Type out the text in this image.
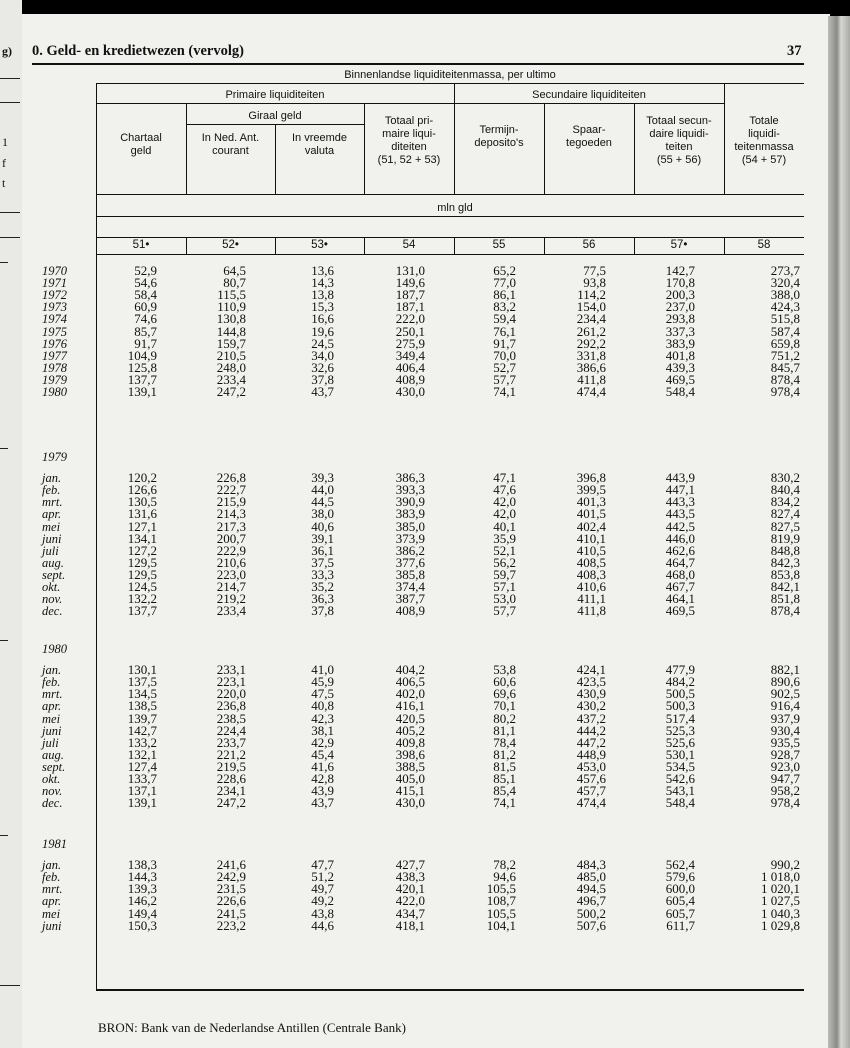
g)
1
f
t
0. Geld- en kredietwezen (vervolg)	37
Binnenlandse liquiditeitenmassa, per ultimo
Primaire liquiditeiten	Secundaire liquiditeiten
Giraal geld
mln gld
Chartaal
geld
In Ned. Ant.
courant
In vreemde
valuta
Totaal pri-
maire liqui-
diteiten
(51, 52 + 53)
Termijn-
deposito's
Spaar-
tegoeden
Totaal secun-
daire liquidi-
teiten
(55 + 56)
Totale
liquidi-
teitenmassa
(54 + 57)
51•	52•	53•	54	55	56	57•	58
1970	52,9	64,5	13,6	131,0	65,2	77,5	142,7	273,7
1971	54,6	80,7	14,3	149,6	77,0	93,8	170,8	320,4
1972	58,4	115,5	13,8	187,7	86,1	114,2	200,3	388,0
1973	60,9	110,9	15,3	187,1	83,2	154,0	237,0	424,3
1974	74,6	130,8	16,6	222,0	59,4	234,4	293,8	515,8
1975	85,7	144,8	19,6	250,1	76,1	261,2	337,3	587,4
1976	91,7	159,7	24,5	275,9	91,7	292,2	383,9	659,8
1977	104,9	210,5	34,0	349,4	70,0	331,8	401,8	751,2
1978	125,8	248,0	32,6	406,4	52,7	386,6	439,3	845,7
1979	137,7	233,4	37,8	408,9	57,7	411,8	469,5	878,4
1980	139,1	247,2	43,7	430,0	74,1	474,4	548,4	978,4
1979
jan.	120,2	226,8	39,3	386,3	47,1	396,8	443,9	830,2
feb.	126,6	222,7	44,0	393,3	47,6	399,5	447,1	840,4
mrt.	130,5	215,9	44,5	390,9	42,0	401,3	443,3	834,2
apr.	131,6	214,3	38,0	383,9	42,0	401,5	443,5	827,4
mei	127,1	217,3	40,6	385,0	40,1	402,4	442,5	827,5
juni	134,1	200,7	39,1	373,9	35,9	410,1	446,0	819,9
juli	127,2	222,9	36,1	386,2	52,1	410,5	462,6	848,8
aug.	129,5	210,6	37,5	377,6	56,2	408,5	464,7	842,3
sept.	129,5	223,0	33,3	385,8	59,7	408,3	468,0	853,8
okt.	124,5	214,7	35,2	374,4	57,1	410,6	467,7	842,1
nov.	132,2	219,2	36,3	387,7	53,0	411,1	464,1	851,8
dec.	137,7	233,4	37,8	408,9	57,7	411,8	469,5	878,4
1980
jan.	130,1	233,1	41,0	404,2	53,8	424,1	477,9	882,1
feb.	137,5	223,1	45,9	406,5	60,6	423,5	484,2	890,6
mrt.	134,5	220,0	47,5	402,0	69,6	430,9	500,5	902,5
apr.	138,5	236,8	40,8	416,1	70,1	430,2	500,3	916,4
mei	139,7	238,5	42,3	420,5	80,2	437,2	517,4	937,9
juni	142,7	224,4	38,1	405,2	81,1	444,2	525,3	930,4
juli	133,2	233,7	42,9	409,8	78,4	447,2	525,6	935,5
aug.	132,1	221,2	45,4	398,6	81,2	448,9	530,1	928,7
sept.	127,4	219,5	41,6	388,5	81,5	453,0	534,5	923,0
okt.	133,7	228,6	42,8	405,0	85,1	457,6	542,6	947,7
nov.	137,1	234,1	43,9	415,1	85,4	457,7	543,1	958,2
dec.	139,1	247,2	43,7	430,0	74,1	474,4	548,4	978,4
1981
jan.	138,3	241,6	47,7	427,7	78,2	484,3	562,4	990,2
feb.	144,3	242,9	51,2	438,3	94,6	485,0	579,6	1 018,0
mrt.	139,3	231,5	49,7	420,1	105,5	494,5	600,0	1 020,1
apr.	146,2	226,6	49,2	422,0	108,7	496,7	605,4	1 027,5
mei	149,4	241,5	43,8	434,7	105,5	500,2	605,7	1 040,3
juni	150,3	223,2	44,6	418,1	104,1	507,6	611,7	1 029,8
BRON: Bank van de Nederlandse Antillen (Centrale Bank)
